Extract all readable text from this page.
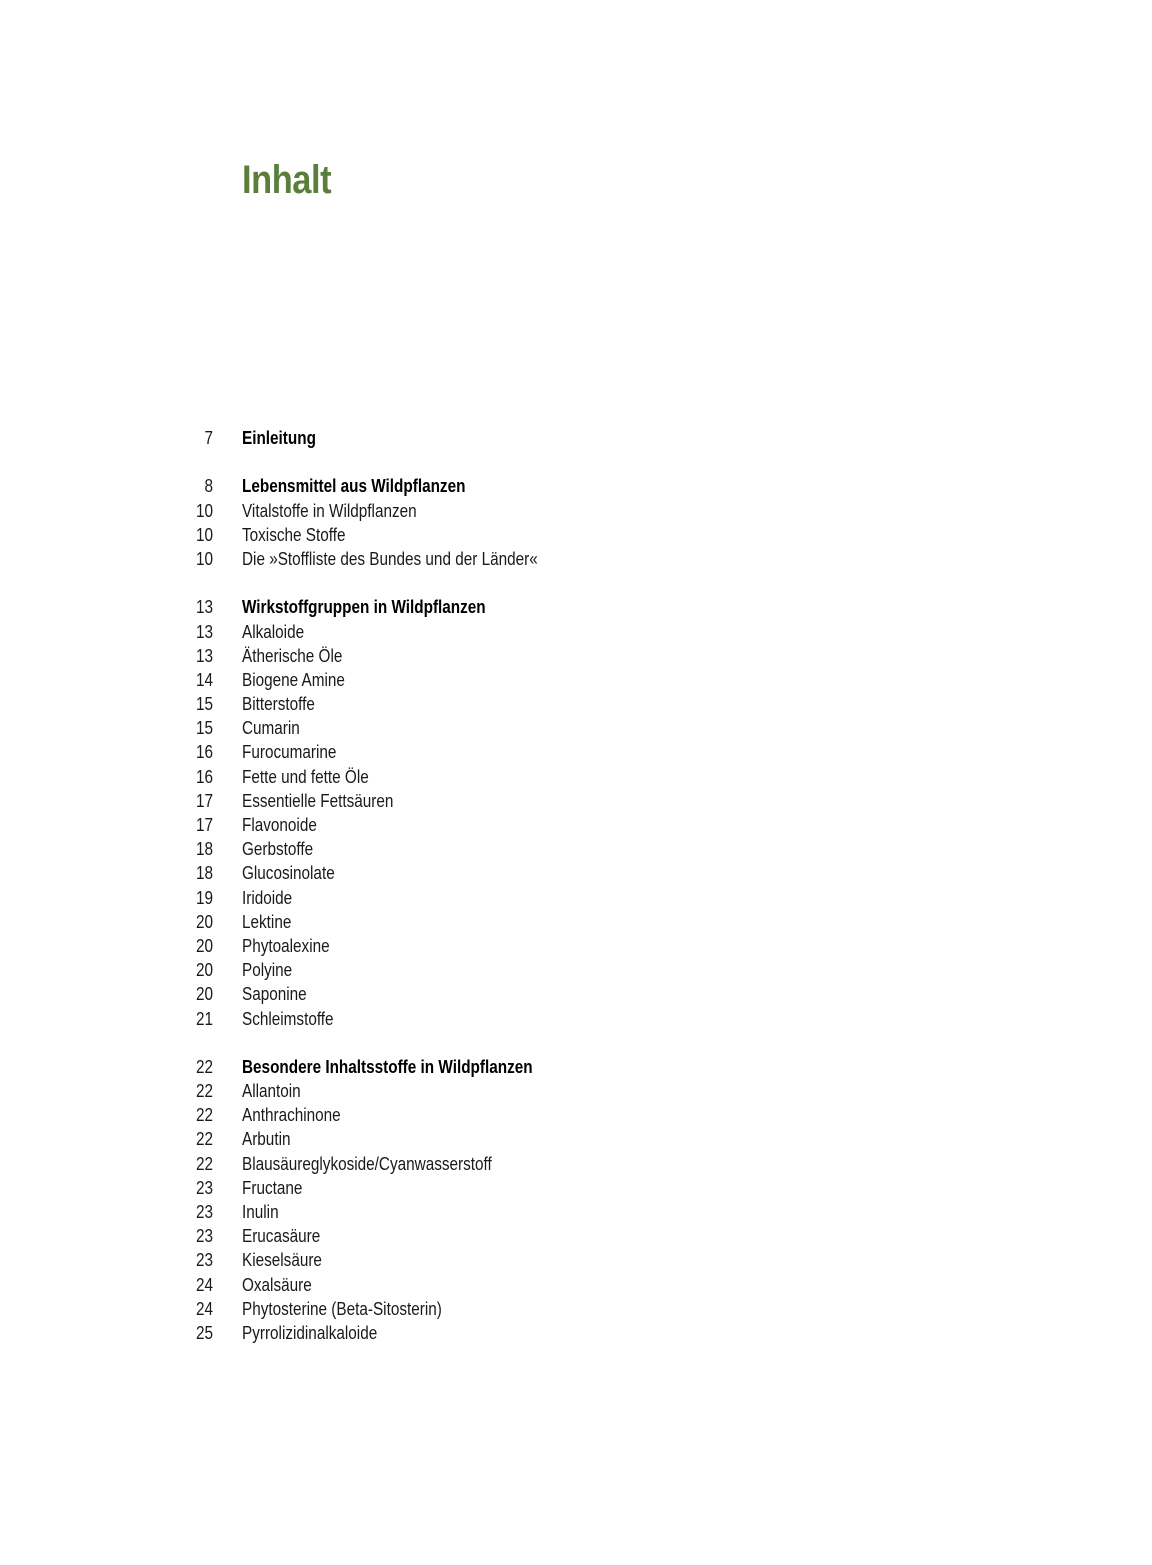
Inhalt
7 Einleitung
8 Lebensmittel aus Wildpflanzen
10 Vitalstoffe in Wildpflanzen
10 Toxische Stoffe
10 Die »Stoffliste des Bundes und der Länder«
13 Wirkstoffgruppen in Wildpflanzen
13 Alkaloide
13 Ätherische Öle
14 Biogene Amine
15 Bitterstoffe
15 Cumarin
16 Furocumarine
16 Fette und fette Öle
17 Essentielle Fettsäuren
17 Flavonoide
18 Gerbstoffe
18 Glucosinolate
19 Iridoide
20 Lektine
20 Phytoalexine
20 Polyine
20 Saponine
21 Schleimstoffe
22 Besondere Inhaltsstoffe in Wildpflanzen
22 Allantoin
22 Anthrachinone
22 Arbutin
22 Blausäureglykoside/Cyanwasserstoff
23 Fructane
23 Inulin
23 Erucasäure
23 Kieselsäure
24 Oxalsäure
24 Phytosterine (Beta-Sitosterin)
25 Pyrrolizidinalkaloide
